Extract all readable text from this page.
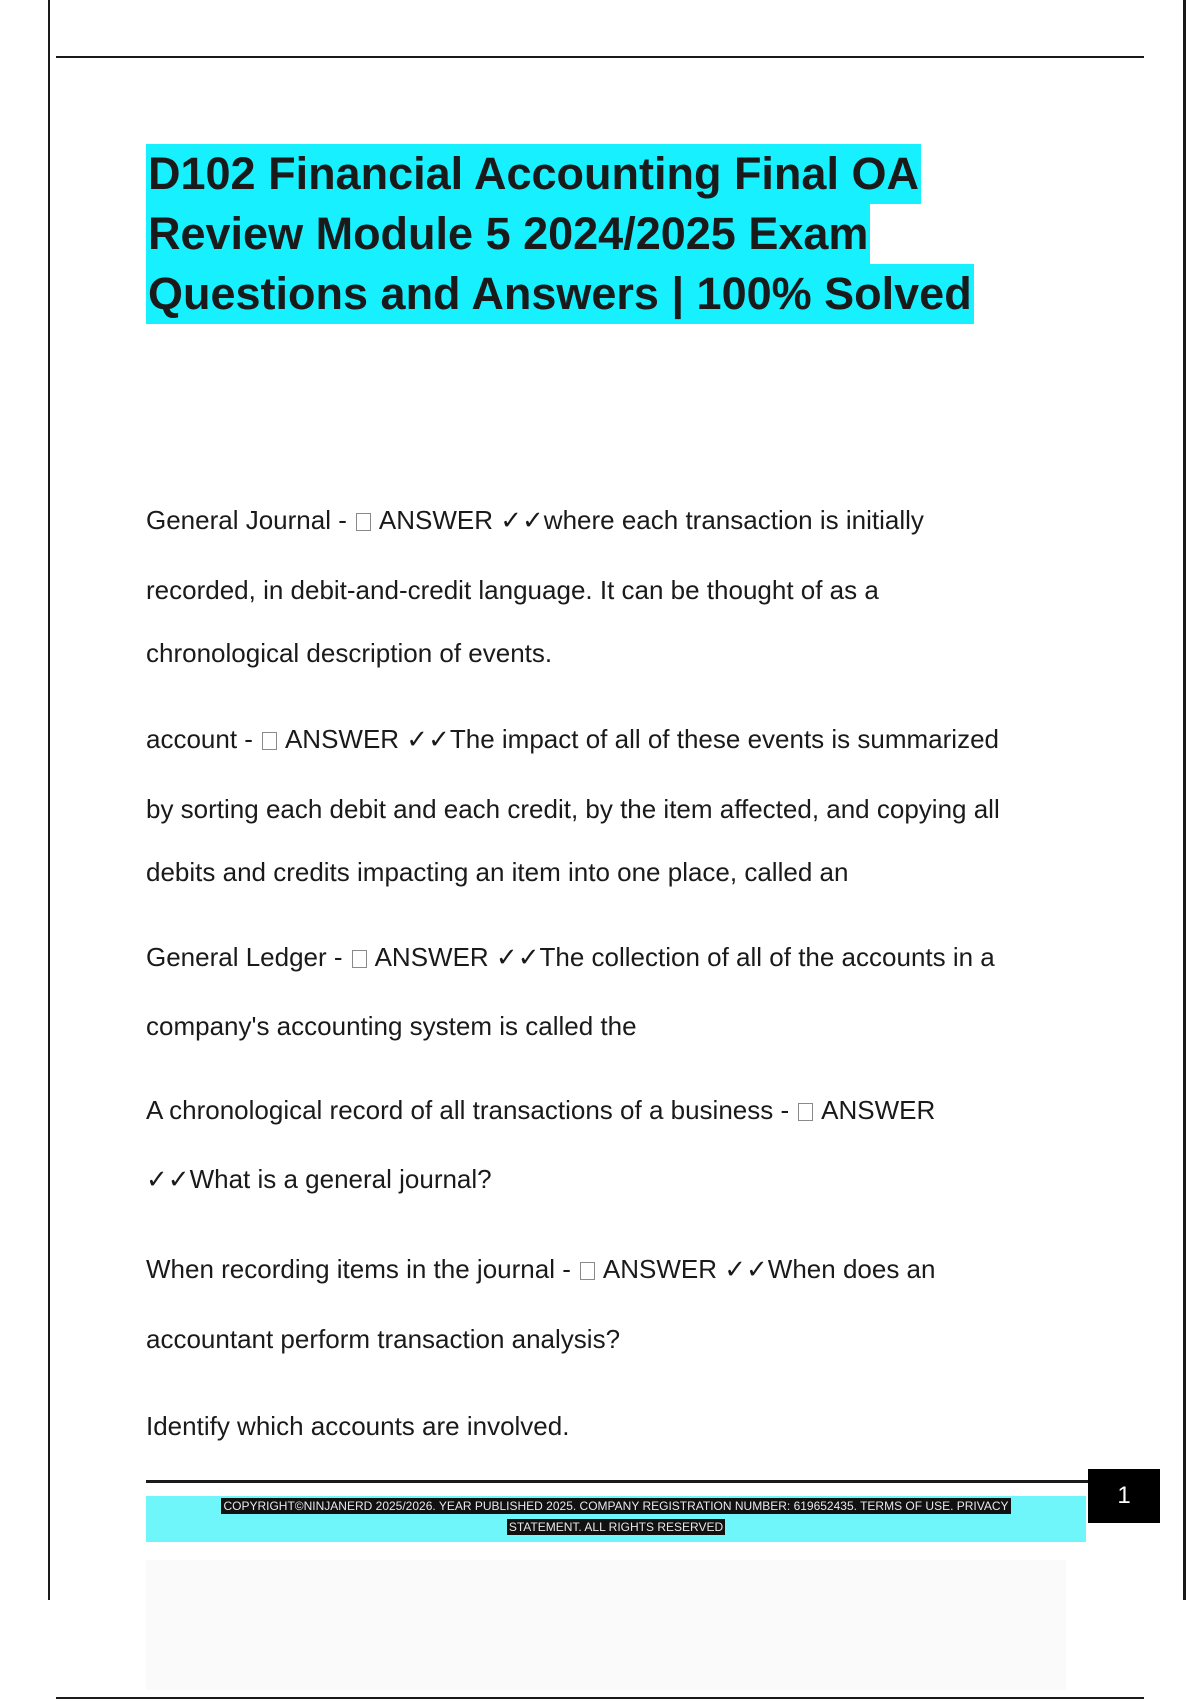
D102 Financial Accounting Final OA
Review Module 5 2024/2025 Exam
Questions and Answers | 100% Solved
General Journal -  ANSWER ✓✓where each transaction is initially
recorded, in debit-and-credit language. It can be thought of as a
chronological description of events.
account -  ANSWER ✓✓The impact of all of these events is summarized
by sorting each debit and each credit, by the item affected, and copying all
debits and credits impacting an item into one place, called an
General Ledger -  ANSWER ✓✓The collection of all of the accounts in a
company's accounting system is called the
A chronological record of all transactions of a business -  ANSWER
✓✓What is a general journal?
When recording items in the journal -  ANSWER ✓✓When does an
accountant perform transaction analysis?
Identify which accounts are involved.
1
COPYRIGHT©NINJANERD 2025/2026. YEAR PUBLISHED 2025. COMPANY REGISTRATION NUMBER: 619652435. TERMS OF USE. PRIVACY
STATEMENT. ALL RIGHTS RESERVED
